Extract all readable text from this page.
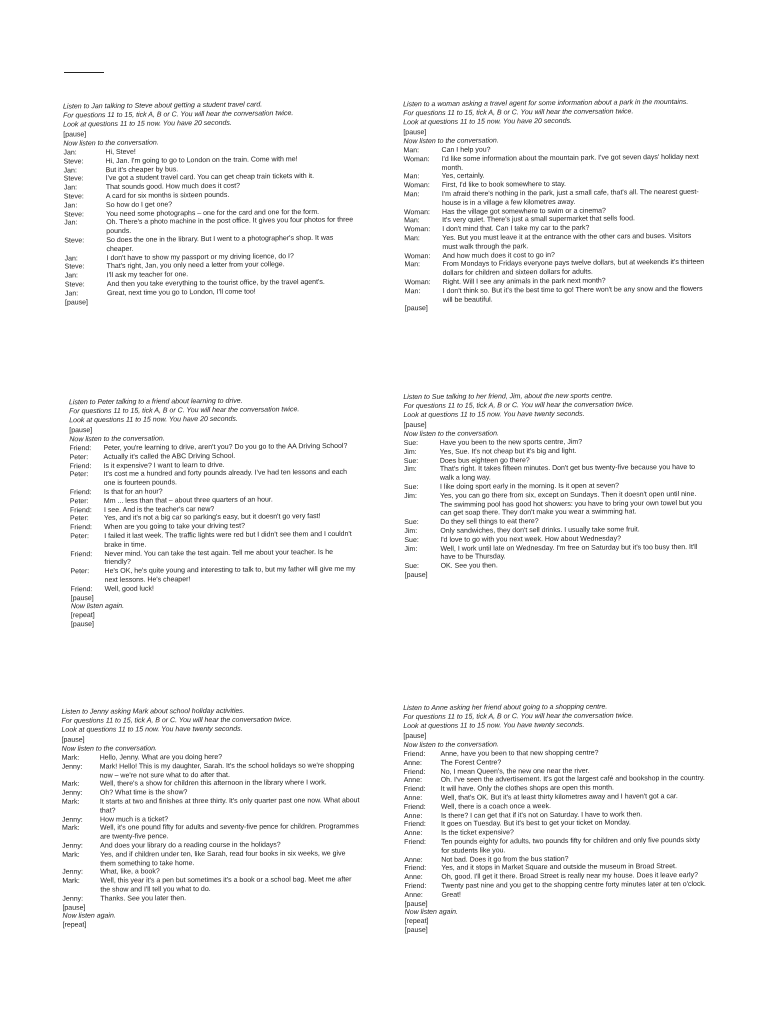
Listen to Jan talking to Steve about getting a student travel card.

For questions 11 to 15, tick A, B or C. You will hear the conversation twice.

Look at questions 11 to 15 now. You have 20 seconds.

[pause]

Now listen to the conversation.

Jan:	Hi, Steve!
Steve:	Hi, Jan. I'm going to go to London on the train. Come with me!
Jan:	But it's cheaper by bus.
Steve:	I've got a student travel card. You can get cheap train tickets with it.
Jan:	That sounds good. How much does it cost?
Steve:	A card for six months is sixteen pounds.
Jan:	So how do I get one?
Steve:	You need some photographs – one for the card and one for the form.
Jan:	Oh. There's a photo machine in the post office. It gives you four photos for three pounds.
Steve:	So does the one in the library. But I went to a photographer's shop. It was cheaper.
Jan:	I don't have to show my passport or my driving licence, do I?
Steve:	That's right, Jan, you only need a letter from your college.
Jan:	I'll ask my teacher for one.
Steve:	And then you take everything to the tourist office, by the travel agent's.
Jan:	Great, next time you go to London, I'll come too!

[pause]

Listen to a woman asking a travel agent for some information about a park in the mountains.

For questions 11 to 15, tick A, B or C. You will hear the conversation twice.

Look at questions 11 to 15 now. You have 20 seconds.

[pause]

Now listen to the conversation.

Man:	Can I help you?
Woman:	I'd like some information about the mountain park. I've got seven days' holiday next month.
Man:	Yes, certainly.
Woman:	First, I'd like to book somewhere to stay.
Man:	I'm afraid there's nothing in the park, just a small cafe, that's all. The nearest guest-house is in a village a few kilometres away.
Woman:	Has the village got somewhere to swim or a cinema?
Man:	It's very quiet. There's just a small supermarket that sells food.
Woman:	I don't mind that. Can I take my car to the park?
Man:	Yes. But you must leave it at the entrance with the other cars and buses. Visitors must walk through the park.
Woman:	And how much does it cost to go in?
Man:	From Mondays to Fridays everyone pays twelve dollars, but at weekends it's thirteen dollars for children and sixteen dollars for adults.
Woman:	Right. Will I see any animals in the park next month?
Man:	I don't think so. But it's the best time to go! There won't be any snow and the flowers will be beautiful.

[pause]

Listen to Peter talking to a friend about learning to drive.

For questions 11 to 15, tick A, B or C. You will hear the conversation twice.

Look at questions 11 to 15 now. You have 20 seconds.

[pause]

Now listen to the conversation.

Friend:	Peter, you're learning to drive, aren't you? Do you go to the AA Driving School?
Peter:	Actually it's called the ABC Driving School.
Friend:	Is it expensive? I want to learn to drive.
Peter:	It's cost me a hundred and forty pounds already. I've had ten lessons and each one is fourteen pounds.
Friend:	Is that for an hour?
Peter:	Mm ... less than that – about three quarters of an hour.
Friend:	I see. And is the teacher's car new?
Peter:	Yes, and it's not a big car so parking's easy, but it doesn't go very fast!
Friend:	When are you going to take your driving test?
Peter:	I failed it last week. The traffic lights were red but I didn't see them and I couldn't brake in time.
Friend:	Never mind. You can take the test again. Tell me about your teacher. Is he friendly?
Peter:	He's OK, he's quite young and interesting to talk to, but my father will give me my next lessons. He's cheaper!
Friend:	Well, good luck!

[pause]

Now listen again.

[repeat]

[pause]

Listen to Sue talking to her friend, Jim, about the new sports centre.

For questions 11 to 15, tick A, B or C. You will hear the conversation twice.

Look at questions 11 to 15 now. You have twenty seconds.

[pause]

Now listen to the conversation.

Sue:	Have you been to the new sports centre, Jim?
Jim:	Yes, Sue. It's not cheap but it's big and light.
Sue:	Does bus eighteen go there?
Jim:	That's right. It takes fifteen minutes. Don't get bus twenty-five because you have to walk a long way.
Sue:	I like doing sport early in the morning. Is it open at seven?
Jim:	Yes, you can go there from six, except on Sundays. Then it doesn't open until nine. The swimming pool has good hot showers: you have to bring your own towel but you can get soap there. They don't make you wear a swimming hat.
Sue:	Do they sell things to eat there?
Jim:	Only sandwiches, they don't sell drinks. I usually take some fruit.
Sue:	I'd love to go with you next week. How about Wednesday?
Jim:	Well, I work until late on Wednesday. I'm free on Saturday but it's too busy then. It'll have to be Thursday.
Sue:	OK. See you then.

[pause]

Listen to Jenny asking Mark about school holiday activities.

For questions 11 to 15, tick A, B or C. You will hear the conversation twice.

Look at questions 11 to 15 now. You have twenty seconds.

[pause]

Now listen to the conversation.

Mark:	Hello, Jenny. What are you doing here?
Jenny:	Mark! Hello! This is my daughter, Sarah. It's the school holidays so we're shopping now – we're not sure what to do after that.
Mark:	Well, there's a show for children this afternoon in the library where I work.
Jenny:	Oh? What time is the show?
Mark:	It starts at two and finishes at three thirty. It's only quarter past one now. What about that?
Jenny:	How much is a ticket?
Mark:	Well, it's one pound fifty for adults and seventy-five pence for children. Programmes are twenty-five pence.
Jenny:	And does your library do a reading course in the holidays?
Mark:	Yes, and if children under ten, like Sarah, read four books in six weeks, we give them something to take home.
Jenny:	What, like, a book?
Mark:	Well, this year it's a pen but sometimes it's a book or a school bag. Meet me after the show and I'll tell you what to do.
Jenny:	Thanks. See you later then.

[pause]

Now listen again.

[repeat]

Listen to Anne asking her friend about going to a shopping centre.

For questions 11 to 15, tick A, B or C. You will hear the conversation twice.

Look at questions 11 to 15 now. You have twenty seconds.

[pause]

Now listen to the conversation.

Friend:	Anne, have you been to that new shopping centre?
Anne:	The Forest Centre?
Friend:	No, I mean Queen's, the new one near the river.
Anne:	Oh. I've seen the advertisement. It's got the largest café and bookshop in the country.
Friend:	It will have. Only the clothes shops are open this month.
Anne:	Well, that's OK. But it's at least thirty kilometres away and I haven't got a car.
Friend:	Well, there is a coach once a week.
Anne:	Is there? I can get that if it's not on Saturday. I have to work then.
Friend:	It goes on Tuesday. But it's best to get your ticket on Monday.
Anne:	Is the ticket expensive?
Friend:	Ten pounds eighty for adults, two pounds fifty for children and only five pounds sixty for students like you.
Anne:	Not bad. Does it go from the bus station?
Friend:	Yes, and it stops in Market Square and outside the museum in Broad Street.
Anne:	Oh, good. I'll get it there. Broad Street is really near my house. Does it leave early?
Friend:	Twenty past nine and you get to the shopping centre forty minutes later at ten o'clock.
Anne:	Great!

[pause]

Now listen again.

[repeat]

[pause]
